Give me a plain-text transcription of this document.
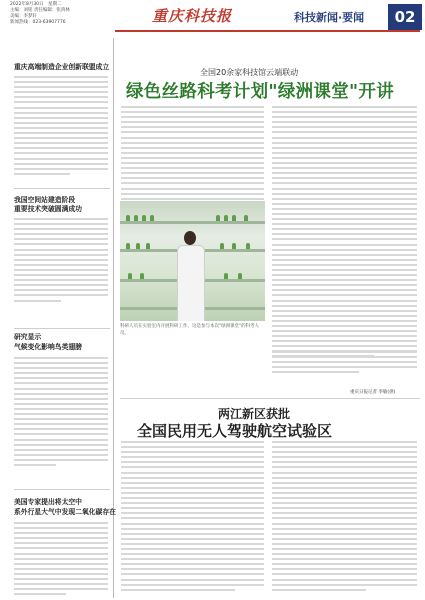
2022年8月30日　星期二
主编：刘铭 责任编辑：张鸿林
美编：李梦轩
新闻热线：023-63907776	重庆科技报	科技新闻·要闻	02
重庆高端制造企业创新联盟成立
我国空间站建造阶段
重要技术突破圆满成功
研究显示
气候变化影响鸟类翅膀
美国专家提出将太空中
系外行星大气中发现二氧化碳存在
全国20余家科技馆云端联动
绿色丝路科考计划"绿洲课堂"开讲
科研人员在实验室内开展科研工作，这是参与本次"绿洲课堂"的科考人员。
重庆日报记者 李敏(供)
两江新区获批
全国民用无人驾驶航空试验区
